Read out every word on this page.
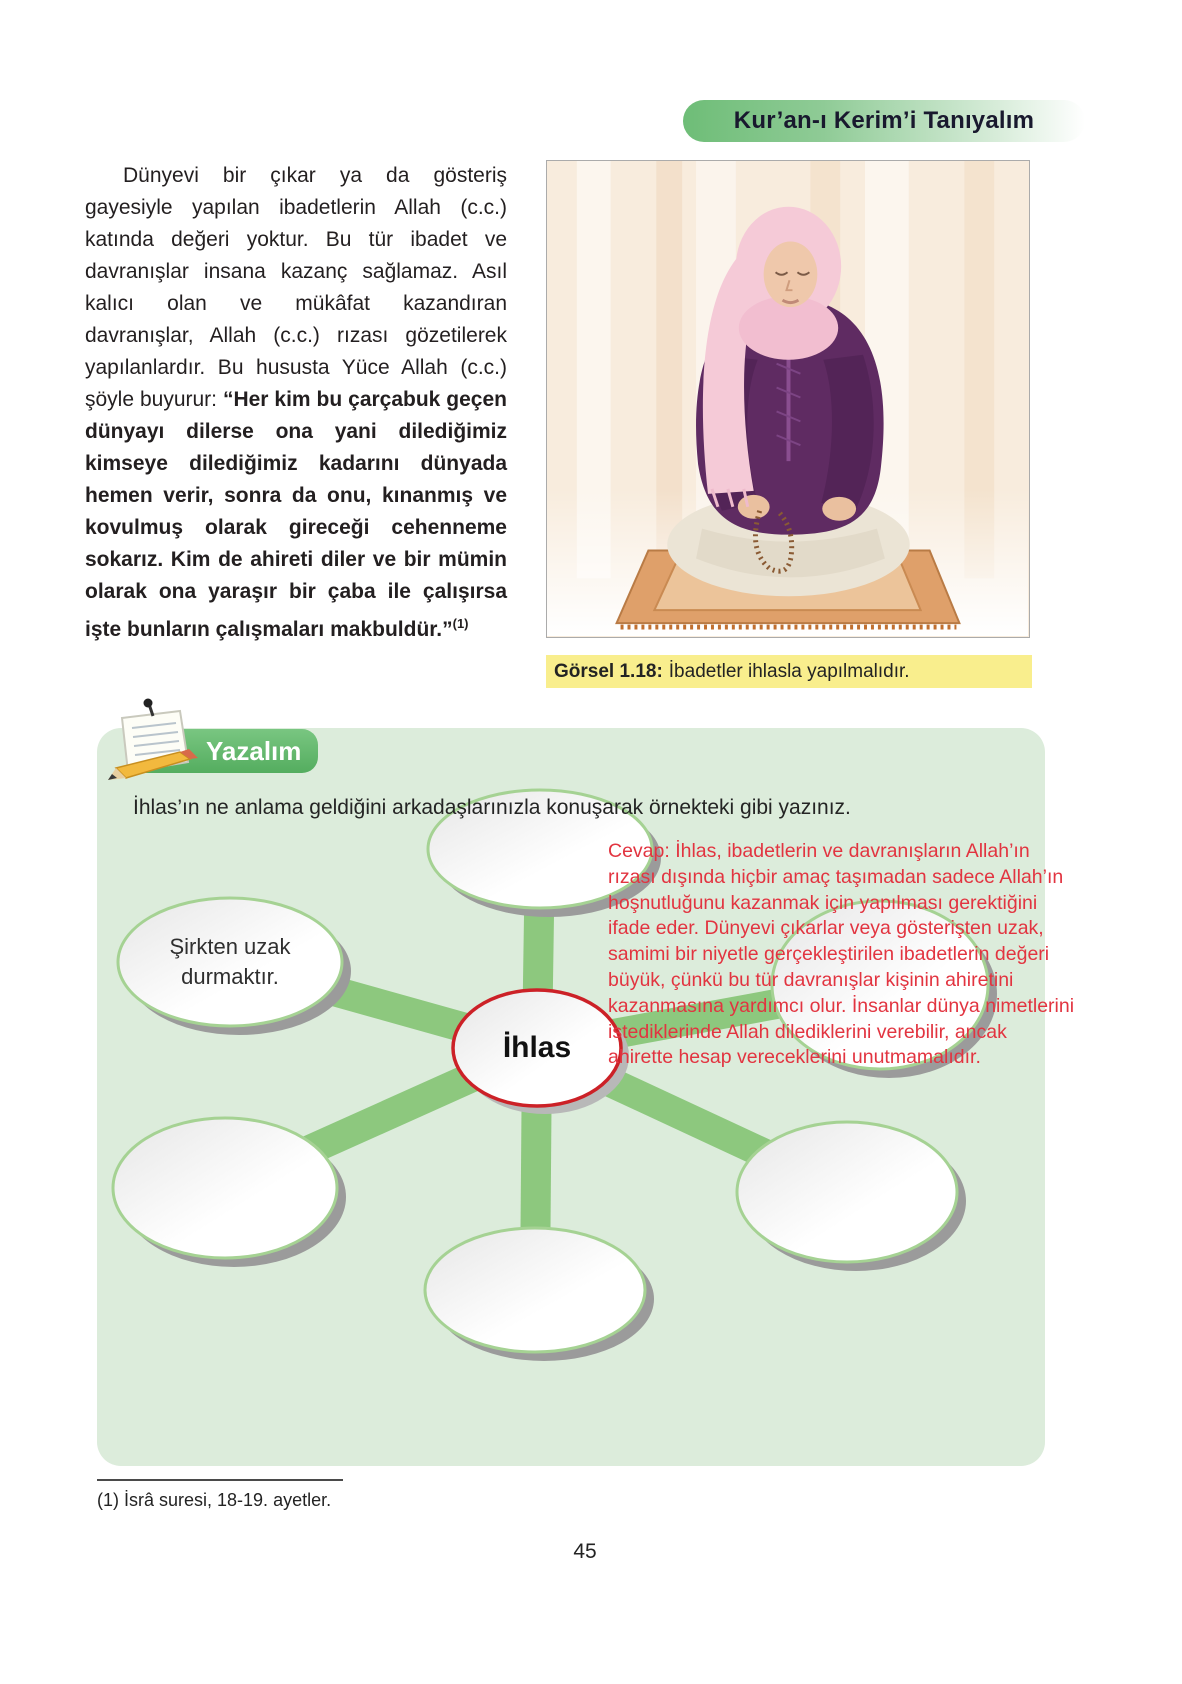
Kur’an-ı Kerim’i Tanıyalım

Dünyevi bir çıkar ya da gösteriş gayesiyle yapılan ibadetlerin Allah (c.c.) katında değeri yoktur. Bu tür ibadet ve davranışlar insana kazanç sağlamaz. Asıl kalıcı olan ve mükâfat kazandıran davranışlar, Allah (c.c.) rızası gözetilerek yapılanlardır. Bu hususta Yüce Allah (c.c.) şöyle buyurur: “Her kim bu çarçabuk geçen dünyayı dilerse ona yani dilediğimiz kimseye dilediğimiz kadarını dünyada hemen verir, sonra da onu, kınanmış ve kovulmuş olarak gireceği cehenneme sokarız. Kim de ahireti diler ve bir mümin olarak ona yaraşır bir çaba ile çalışırsa işte bunların çalışmaları makbuldür.”$^{(1)}$

Görsel 1.18: İbadetler ihlasla yapılmalıdır.
Şirkten uzak durmaktır.
İhlas
Yazalım
İhlas’ın ne anlama geldiğini arkadaşlarınızla konuşarak örnekteki gibi yazınız.
Cevap: İhlas, ibadetlerin ve davranışların Allah’ın
rızası dışında hiçbir amaç taşımadan sadece Allah’ın
hoşnutluğunu kazanmak için yapılması gerektiğini
ifade eder. Dünyevi çıkarlar veya gösterişten uzak,
samimi bir niyetle gerçekleştirilen ibadetlerin değeri
büyük, çünkü bu tür davranışlar kişinin ahiretini
kazanmasına yardımcı olur. İnsanlar dünya nimetlerini
istediklerinde Allah dilediklerini verebilir, ancak
ahirette hesap vereceklerini unutmamalıdır.
(1) İsrâ suresi, 18-19. ayetler.
45
